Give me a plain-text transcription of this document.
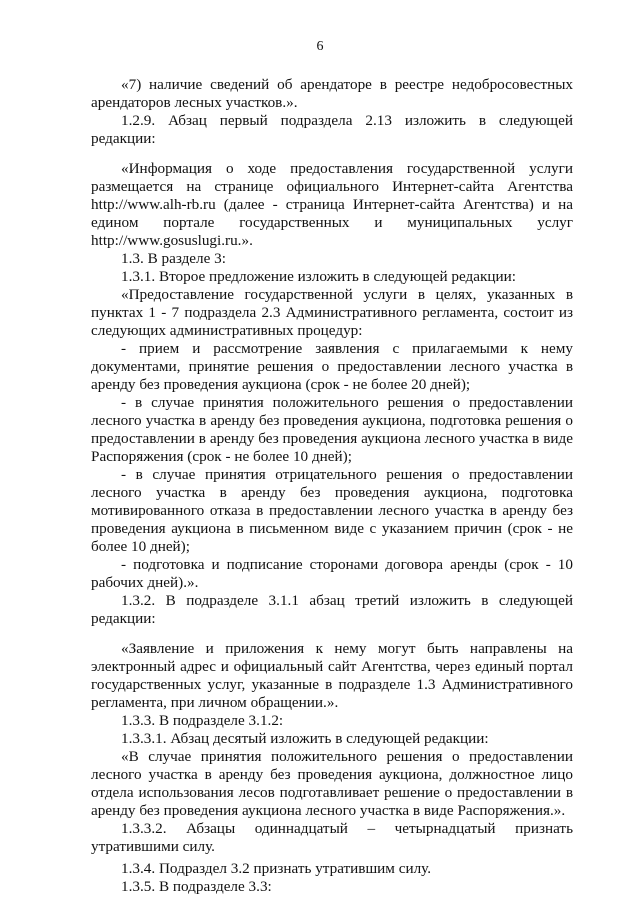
6

«7) наличие сведений об арендаторе в реестре недобросовестных арендаторов лесных участков.».

1.2.9. Абзац первый подраздела 2.13 изложить в следующей редакции:

«Информация о ходе предоставления государственной услуги размещается на странице официального Интернет-сайта Агентства http://www.alh-rb.ru (далее - страница Интернет-сайта Агентства) и на едином портале государственных и муниципальных услуг http://www.gosuslugi.ru.».

1.3. В разделе 3:

1.3.1. Второе предложение изложить в следующей редакции:

«Предоставление государственной услуги в целях, указанных в пунктах 1 - 7 подраздела 2.3 Административного регламента, состоит из следующих административных процедур:

- прием и рассмотрение заявления с прилагаемыми к нему документами, принятие решения о предоставлении лесного участка в аренду без проведения аукциона (срок - не более 20 дней);

- в случае принятия положительного решения о предоставлении лесного участка в аренду без проведения аукциона, подготовка решения о предоставлении в аренду без проведения аукциона лесного участка в виде Распоряжения (срок - не более 10 дней);

- в случае принятия отрицательного решения о предоставлении лесного участка в аренду без проведения аукциона, подготовка мотивированного отказа в предоставлении лесного участка в аренду без проведения аукциона в письменном виде с указанием причин (срок - не более 10 дней);

- подготовка и подписание сторонами договора аренды (срок - 10 рабочих дней).».

1.3.2. В подразделе 3.1.1 абзац третий изложить в следующей редакции:

«Заявление и приложения к нему могут быть направлены на электронный адрес и официальный сайт Агентства, через единый портал государственных услуг, указанные в подразделе 1.3 Административного регламента, при личном обращении.».

1.3.3. В подразделе 3.1.2:

1.3.3.1. Абзац десятый изложить в следующей редакции:

«В случае принятия положительного решения о предоставлении лесного участка в аренду без проведения аукциона, должностное лицо отдела использования лесов подготавливает решение о предоставлении в аренду без проведения аукциона лесного участка в виде Распоряжения.».

1.3.3.2. Абзацы одиннадцатый – четырнадцатый признать утратившими силу.

1.3.4. Подраздел 3.2 признать утратившим силу.

1.3.5. В подразделе 3.3:
